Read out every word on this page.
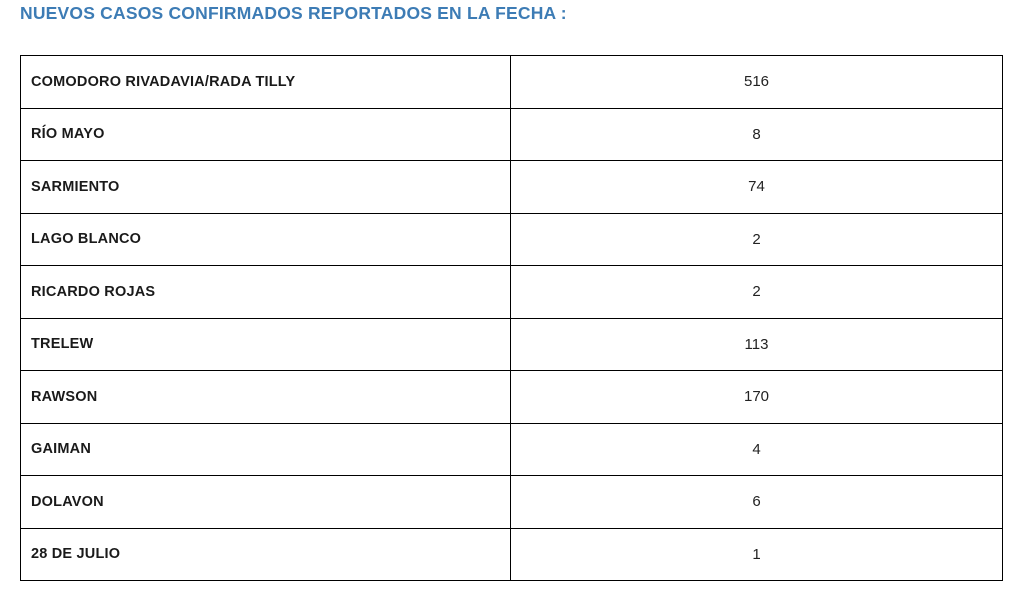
NUEVOS CASOS CONFIRMADOS REPORTADOS EN LA FECHA :
COMODORO RIVADAVIA/RADA TILLY	516
RÍO MAYO	8
SARMIENTO	74
LAGO BLANCO	2
RICARDO ROJAS	2
TRELEW	113
RAWSON	170
GAIMAN	4
DOLAVON	6
28 DE JULIO	1
